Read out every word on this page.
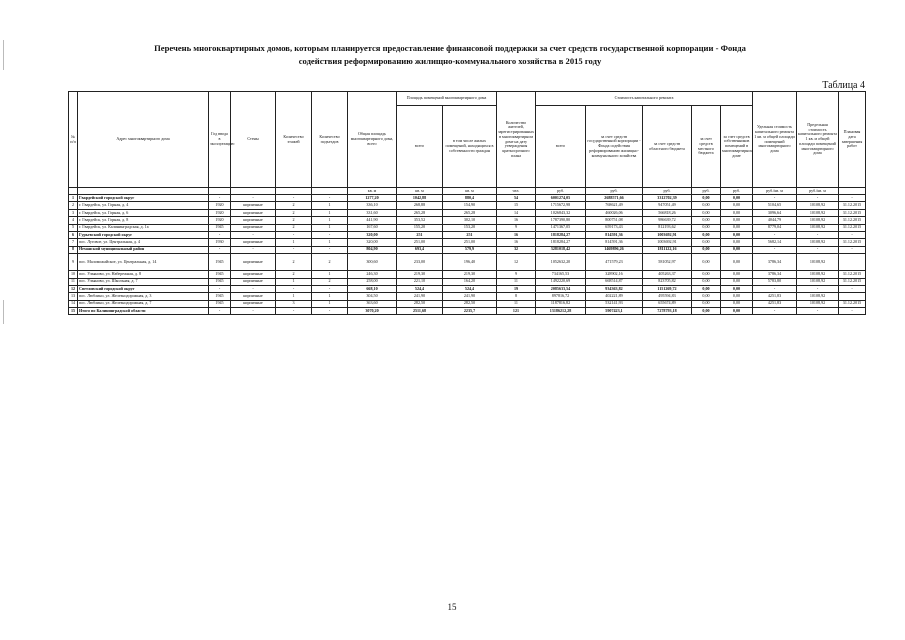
Перечень многоквартирных домов, которым планируется предоставление финансовой поддержки за счет средств государственной корпорации - Фонда содействия реформированию жилищно-коммунального хозяйства в 2015 году
Таблица 4
№ п/п	Адрес многоквартирного дома	Год ввода в эксплуатацию	Стены	Количество этажей	Количество подъездов	Общая площадь многоквартирного дома, всего	Площадь помещений многоквартирного дома		Количество жителей, зарегистрированных в многоквартирном доме на дату утверждения краткосрочного плана	Стоимость капитального ремонта					Удельная стоимость капитального ремонта 1 кв. м общей площади помещений многоквартирного дома	Предельная стоимость капитального ремонта 1 кв. м общей площади помещений многоквартирного дома	Плановая дата завершения работ
							всего	в том числе жилых помещений, находящихся в собственности граждан		всего	за счет средств государственной корпорации - Фонда содействия реформированию жилищно-коммунального хозяйства	за счет средств областного бюджета	за счет средств местного бюджета	за счет средств собственников помещений в многоквартирном доме			
						кв. м	кв. м	кв. м	чел.	руб.	руб.	руб.	руб.	руб.	руб./кв. м	руб./кв. м	
1	Гвардейский городской округ	-	-	-	-	1277,20	1042,88	880,4	54	6001274,05	2688571,66	3312702,39	0,00	0,00	-	-	-
2	г. Гвардейск, ул. Горная, д. 4	1920	кирпичные	2	1	336,10	268,88	154,90	15	1715672,98	768621,49	947051,49	0,00	0,00	5104,65	10108,92	31.12.2015
3	г. Гвардейск, ул. Горная, д. 6	1920	кирпичные	2	1	331,60	265,28	265,28	14	1026843,32	460026,06	566818,26	0,00	0,00	3096,64	10108,92	31.12.2015
4	г. Гвардейск, ул. Горная, д. 8	1920	кирпичные	2	1	441,90	353,52	302,10	16	1787390,80	800751,08	986639,72	0,00	0,00	4044,79	10108,92	31.12.2015
5	г. Гвардейск, ул. Калининградская, д. 1а	1945	кирпичные	2	1	167,60	155,20	153,20	9	1471367,05	659173,43	812193,62	0,00	0,00	8779,04	10108,92	31.12.2015
6	Гурьевский городской округ	-	-	-	-	320,00	251	251	16	1818284,27	814591,36	1003692,91	0,00	0,00	-	-	-
7	пос. Луговое, ул. Центральная, д. 4	1930	кирпичные	1	1	320,00	251,00	251,00	16	1818284,27	814591,36	1003692,91	0,00	0,00	5682,14	10108,92	31.12.2015
8	Неманский муниципальный район	-	-	-	-	804,90	693,4	579,9	32	3281018,42	1469896,26	1811122,16	0,00	0,00	-	-	-
9	пос. Маломожайское, ул. Центральная, д. 14	1945	кирпичные	2	2	300,60	233,00	196,40	12	1052632,20	471579,23	581052,97	0,00	0,00	3786,34	10108,92	
10	пос. Ульяново, ул. Набережная, д. 8	1945	кирпичные	2	1	246,30	219,30	219,30	9	734165,53	328902,16	405263,37	0,00	0,00	3786,34	10108,92	31.12.2015
11	пос. Ульяново, ул. Школьная, д. 7	1945	кирпичные	1	2	258,00	221,10	164,20	11	1492220,69	668514,87	823705,82	0,00	0,00	5783,80	10108,92	31.12.2015
12	Светловский городской округ	-	-	-	-	668,10	524,4	524,4	19	2085633,54	934363,82	1151269,72	0,00	0,00	-	-	-
13	пос. Люблино, ул. Железнодорожная, д. 3	1945	кирпичные	1	1	304,50	241,90	241,90	8	897816,72	402221,89	495594,83	0,00	0,00	4251,83	10108,92	
14	пос. Люблино, ул. Железнодорожная, д. 7	1945	кирпичные	3	1	363,60	282,50	282,50	11	1187816,82	532141,93	655674,89	0,00	0,00	4251,83	10108,92	31.12.2015
15	Итого по Калининградской области	-	-	-	-	3070,20	2511,68	2235,7	121	13186212,28	5907423,1	7278793,18	0,00	0,00	-	-	-
15
